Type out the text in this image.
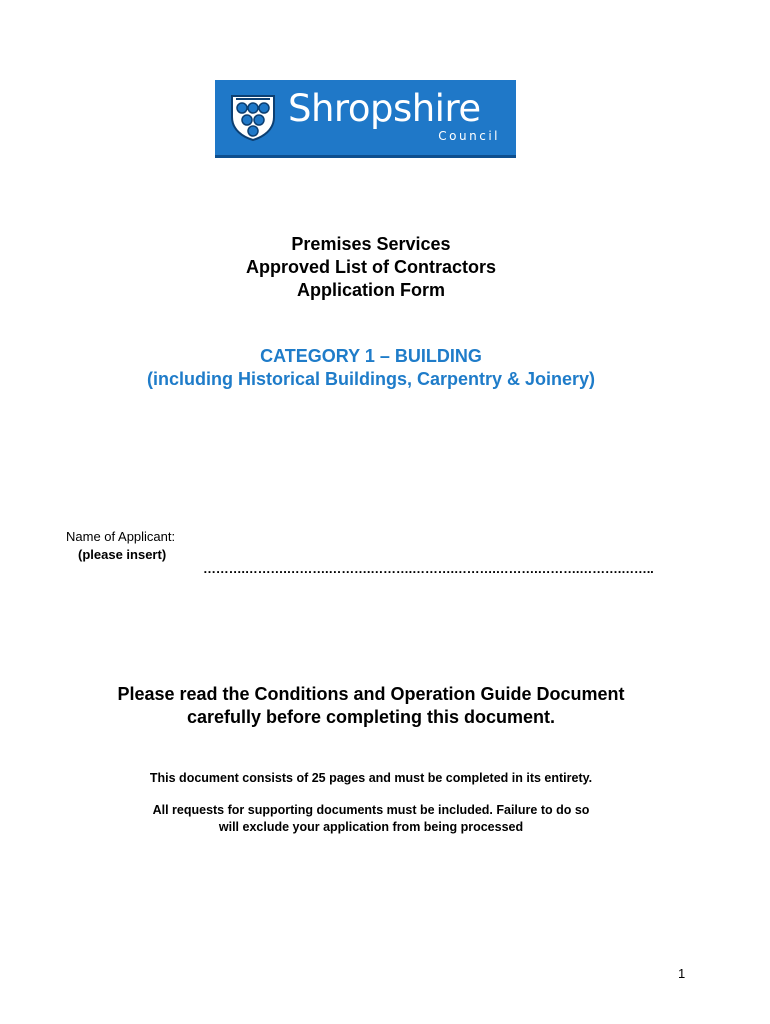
Shropshire
Council
Premises Services
Approved List of Contractors
Application Form
CATEGORY 1 – BUILDING
(including Historical Buildings, Carpentry & Joinery)
Name of Applicant:
(please insert)
……….……….……….……….……….……….……….……….……….……….……..
Please read the Conditions and Operation Guide Document
carefully before completing this document.
This document consists of 25 pages and must be completed in its entirety.
All requests for supporting documents must be included. Failure to do so
will exclude your application from being processed
1
